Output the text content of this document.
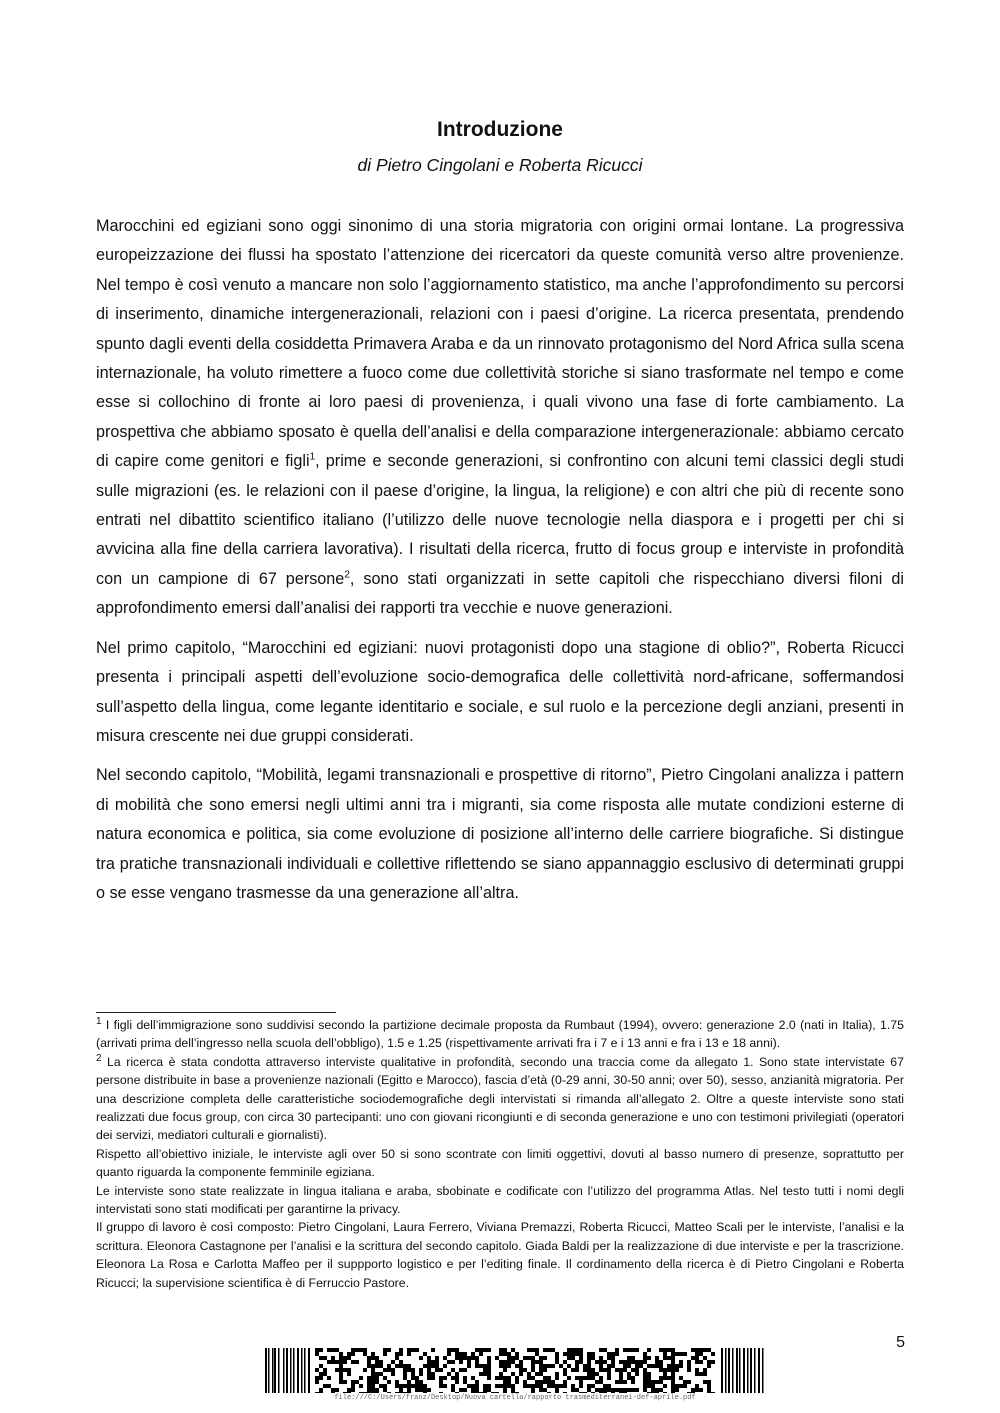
Introduzione
di Pietro Cingolani e Roberta Ricucci

Marocchini ed egiziani sono oggi sinonimo di una storia migratoria con origini ormai lontane. La progressiva europeizzazione dei flussi ha spostato l’attenzione dei ricercatori da queste comunità verso altre provenienze. Nel tempo è così venuto a mancare non solo l’aggiornamento statistico, ma anche l’approfondimento su percorsi di inserimento, dinamiche intergenerazionali, relazioni con i paesi d’origine. La ricerca presentata, prendendo spunto dagli eventi della cosiddetta Primavera Araba e da un rinnovato protagonismo del Nord Africa sulla scena internazionale, ha voluto rimettere a fuoco come due collettività storiche si siano trasformate nel tempo e come esse si collochino di fronte ai loro paesi di provenienza, i quali vivono una fase di forte cambiamento. La prospettiva che abbiamo sposato è quella dell’analisi e della comparazione intergenerazionale: abbiamo cercato di capire come genitori e figli$^1$, prime e seconde generazioni, si confrontino con alcuni temi classici degli studi sulle migrazioni (es. le relazioni con il paese d’origine, la lingua, la religione) e con altri che più di recente sono entrati nel dibattito scientifico italiano (l’utilizzo delle nuove tecnologie nella diaspora e i progetti per chi si avvicina alla fine della carriera lavorativa). I risultati della ricerca, frutto di focus group e interviste in profondità con un campione di 67 persone$^2$, sono stati organizzati in sette capitoli che rispecchiano diversi filoni di approfondimento emersi dall’analisi dei rapporti tra vecchie e nuove generazioni.

Nel primo capitolo, “Marocchini ed egiziani: nuovi protagonisti dopo una stagione di oblio?”, Roberta Ricucci presenta i principali aspetti dell’evoluzione socio-demografica delle collettività nord-africane, soffermandosi sull’aspetto della lingua, come legante identitario e sociale, e sul ruolo e la percezione degli anziani, presenti in misura crescente nei due gruppi considerati.

Nel secondo capitolo, “Mobilità, legami transnazionali e prospettive di ritorno”, Pietro Cingolani analizza i pattern di mobilità che sono emersi negli ultimi anni tra i migranti, sia come risposta alle mutate condizioni esterne di natura economica e politica, sia come evoluzione di posizione all’interno delle carriere biografiche. Si distingue tra pratiche transnazionali individuali e collettive riflettendo se siano appannaggio esclusivo di determinati gruppi o se esse vengano trasmesse da una generazione all’altra.

$^1$ I figli dell’immigrazione sono suddivisi secondo la partizione decimale proposta da Rumbaut (1994), ovvero: generazione 2.0 (nati in Italia), 1.75 (arrivati prima dell’ingresso nella scuola dell’obbligo), 1.5 e 1.25 (rispettivamente arrivati fra i 7 e i 13 anni e fra i 13 e 18 anni).

$^2$ La ricerca è stata condotta attraverso interviste qualitative in profondità, secondo una traccia come da allegato 1. Sono state intervistate 67 persone distribuite in base a provenienze nazionali (Egitto e Marocco), fascia d’età (0-29 anni, 30-50 anni; over 50), sesso, anzianità migratoria. Per una descrizione completa delle caratteristiche sociodemografiche degli intervistati si rimanda all’allegato 2. Oltre a queste interviste sono stati realizzati due focus group, con circa 30 partecipanti: uno con giovani ricongiunti e di seconda generazione e uno con testimoni privilegiati (operatori dei servizi, mediatori culturali e giornalisti).

Rispetto all’obiettivo iniziale, le interviste agli over 50 si sono scontrate con limiti oggettivi, dovuti al basso numero di presenze, soprattutto per quanto riguarda la componente femminile egiziana.

Le interviste sono state realizzate in lingua italiana e araba, sbobinate e codificate con l’utilizzo del programma Atlas. Nel testo tutti i nomi degli intervistati sono stati modificati per garantirne la privacy.

Il gruppo di lavoro è così composto: Pietro Cingolani, Laura Ferrero, Viviana Premazzi, Roberta Ricucci, Matteo Scali per le interviste, l’analisi e la scrittura. Eleonora Castagnone per l’analisi e la scrittura del secondo capitolo. Giada Baldi per la realizzazione di due interviste e per la trascrizione. Eleonora La Rosa e Carlotta Maffeo per il suppporto logistico e per l’editing finale. Il cordinamento della ricerca è di Pietro Cingolani e Roberta Ricucci; la supervisione scientifica è di Ferruccio Pastore.

5
file:///C:/Users/franz/Desktop/Nuova cartella/rapporto trasmediterranei-def-aprile.pdf
